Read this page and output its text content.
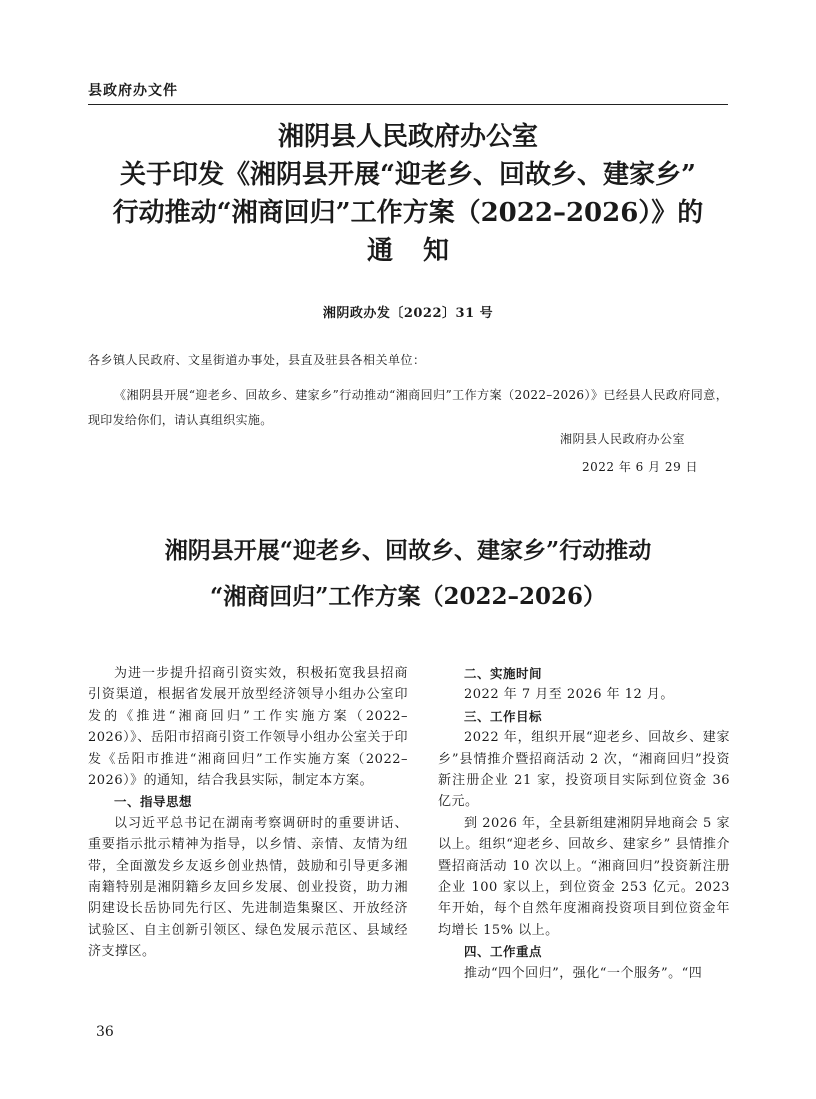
县政府办文件
湘阴县人民政府办公室
关于印发《湘阴县开展“迎老乡、回故乡、建家乡”
行动推动“湘商回归”工作方案（2022–2026）》的
通 知
湘阴政办发〔2022〕31 号
各乡镇人民政府、文星街道办事处，县直及驻县各相关单位：
《湘阴县开展“迎老乡、回故乡、建家乡”行动推动“湘商回归”工作方案（2022–2026）》已经县人民政府同意，现印发给你们，请认真组织实施。
湘阴县人民政府办公室
2022 年 6 月 29 日
湘阴县开展“迎老乡、回故乡、建家乡”行动推动
“湘商回归”工作方案（2022–2026）

为进一步提升招商引资实效，积极拓宽我县招商引资渠道，根据省发展开放型经济领导小组办公室印发的《推进“湘商回归”工作实施方案（2022–2026）》、岳阳市招商引资工作领导小组办公室关于印发《岳阳市推进“湘商回归”工作实施方案（2022–2026）》的通知，结合我县实际，制定本方案。

一、指导思想

以习近平总书记在湖南考察调研时的重要讲话、重要指示批示精神为指导，以乡情、亲情、友情为纽带，全面激发乡友返乡创业热情，鼓励和引导更多湘南籍特别是湘阴籍乡友回乡发展、创业投资，助力湘阴建设长岳协同先行区、先进制造集聚区、开放经济试验区、自主创新引领区、绿色发展示范区、县域经济支撑区。

二、实施时间

2022 年 7 月至 2026 年 12 月。

三、工作目标

2022 年，组织开展“迎老乡、回故乡、建家乡”县情推介暨招商活动 2 次，“湘商回归”投资新注册企业 21 家，投资项目实际到位资金 36 亿元。

到 2026 年，全县新组建湘阴异地商会 5 家以上。组织“迎老乡、回故乡、建家乡” 县情推介暨招商活动 10 次以上。“湘商回归”投资新注册企业 100 家以上，到位资金 253 亿元。2023 年开始，每个自然年度湘商投资项目到位资金年均增长 15% 以上。

四、工作重点

推动“四个回归”，强化“一个服务”。“四

36
